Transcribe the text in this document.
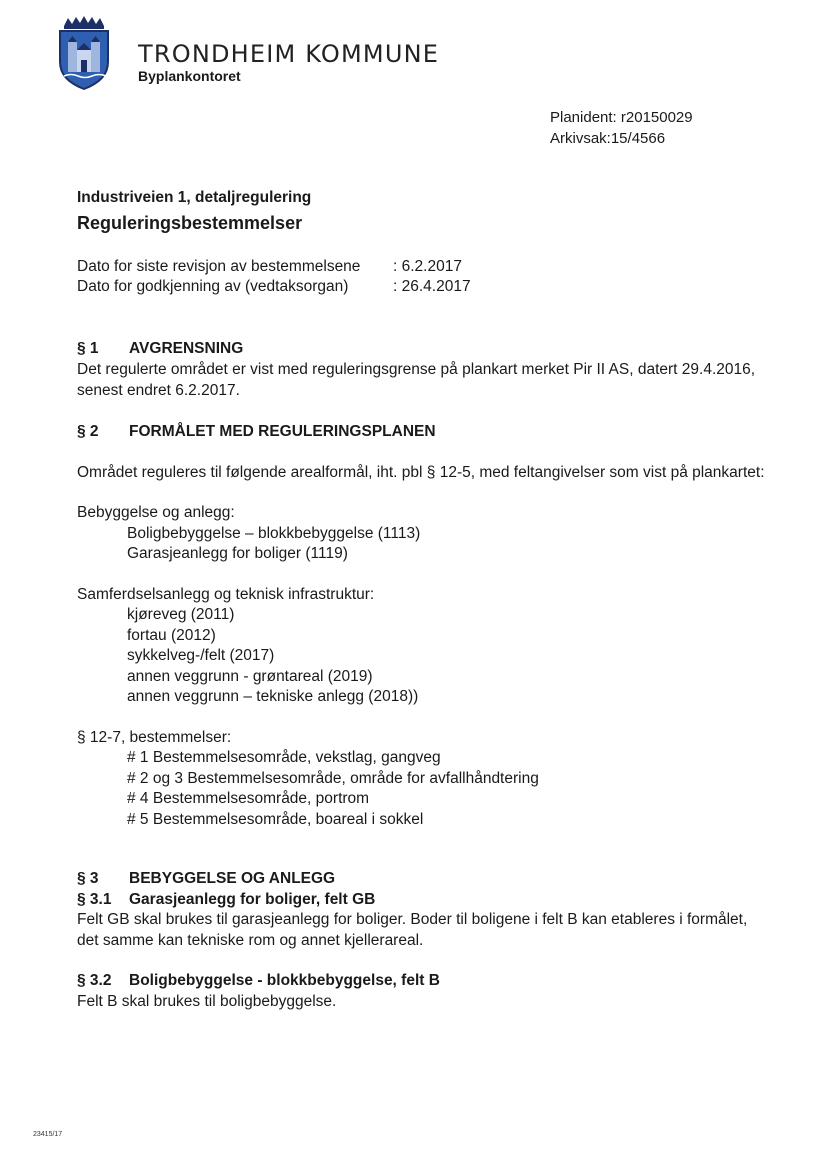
TRONDHEIM KOMMUNE
Byplankontoret
Planident: r20150029
Arkivsak:15/4566
Industriveien 1, detaljregulering
Reguleringsbestemmelser
Dato for siste revisjon av bestemmelsene	: 6.2.2017
Dato for godkjenning av (vedtaksorgan)	: 26.4.2017
§ 1	AVGRENSNING

Det regulerte området er vist med reguleringsgrense på plankart merket Pir II AS, datert 29.4.2016, senest endret 6.2.2017.

§ 2	FORMÅLET MED REGULERINGSPLANEN

Området reguleres til følgende arealformål, iht. pbl § 12-5, med feltangivelser som vist på plankartet:

Bebyggelse og anlegg:

Boligbebyggelse – blokkbebyggelse (1113)
Garasjeanlegg for boliger (1119)

Samferdselsanlegg og teknisk infrastruktur:

kjøreveg (2011)
fortau (2012)
sykkelveg-/felt (2017)
annen veggrunn - grøntareal (2019)
annen veggrunn – tekniske anlegg (2018))

§ 12-7, bestemmelser:

# 1 Bestemmelsesområde, vekstlag, gangveg
# 2 og 3 Bestemmelsesområde, område for avfallhåndtering
# 4 Bestemmelsesområde, portrom
# 5 Bestemmelsesområde, boareal i sokkel
§ 3	BEBYGGELSE OG ANLEGG
§ 3.1	Garasjeanlegg for boliger, felt GB

Felt GB skal brukes til garasjeanlegg for boliger. Boder til boligene i felt B kan etableres i formålet, det samme kan tekniske rom og annet kjellerareal.

§ 3.2	Boligbebyggelse - blokkbebyggelse, felt B

Felt B skal brukes til boligbebyggelse.

23415/17
